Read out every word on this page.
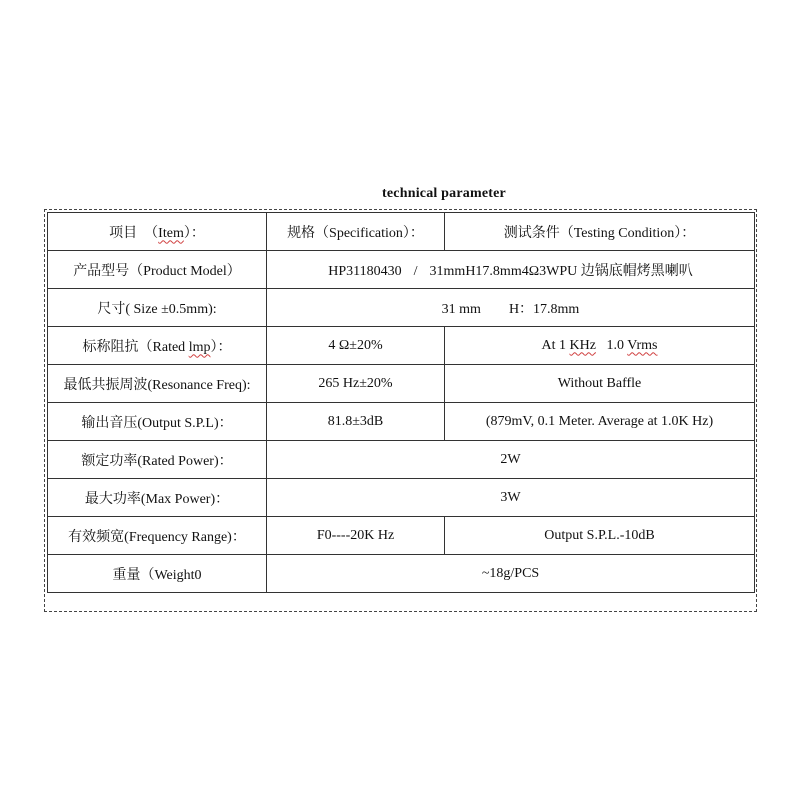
technical parameter
项目　（Item）：	规格（Specification）：	测试条件（Testing Condition）：
产品型号（Product Model）	HP31180430 / 31mmH17.8mm4Ω3WPU 边锅底帽烤黑喇叭	
尺寸( Size ±0.5mm):	31 mm H：17.8mm	
标称阻抗（Rated lmp）：	4 Ω±20%	At 1 KHz   1.0 Vrms
最低共振周波(Resonance Freq):	265 Hz±20%	Without Baffle
输出音压(Output S.P.L)：	81.8±3dB	(879mV, 0.1 Meter. Average at 1.0K Hz)
额定功率(Rated Power)：	2W	
最大功率(Max Power)：	3W	
有效频宽(Frequency Range)：	F0----20K Hz	Output S.P.L.-10dB
重量（Weight0	~18g/PCS	
